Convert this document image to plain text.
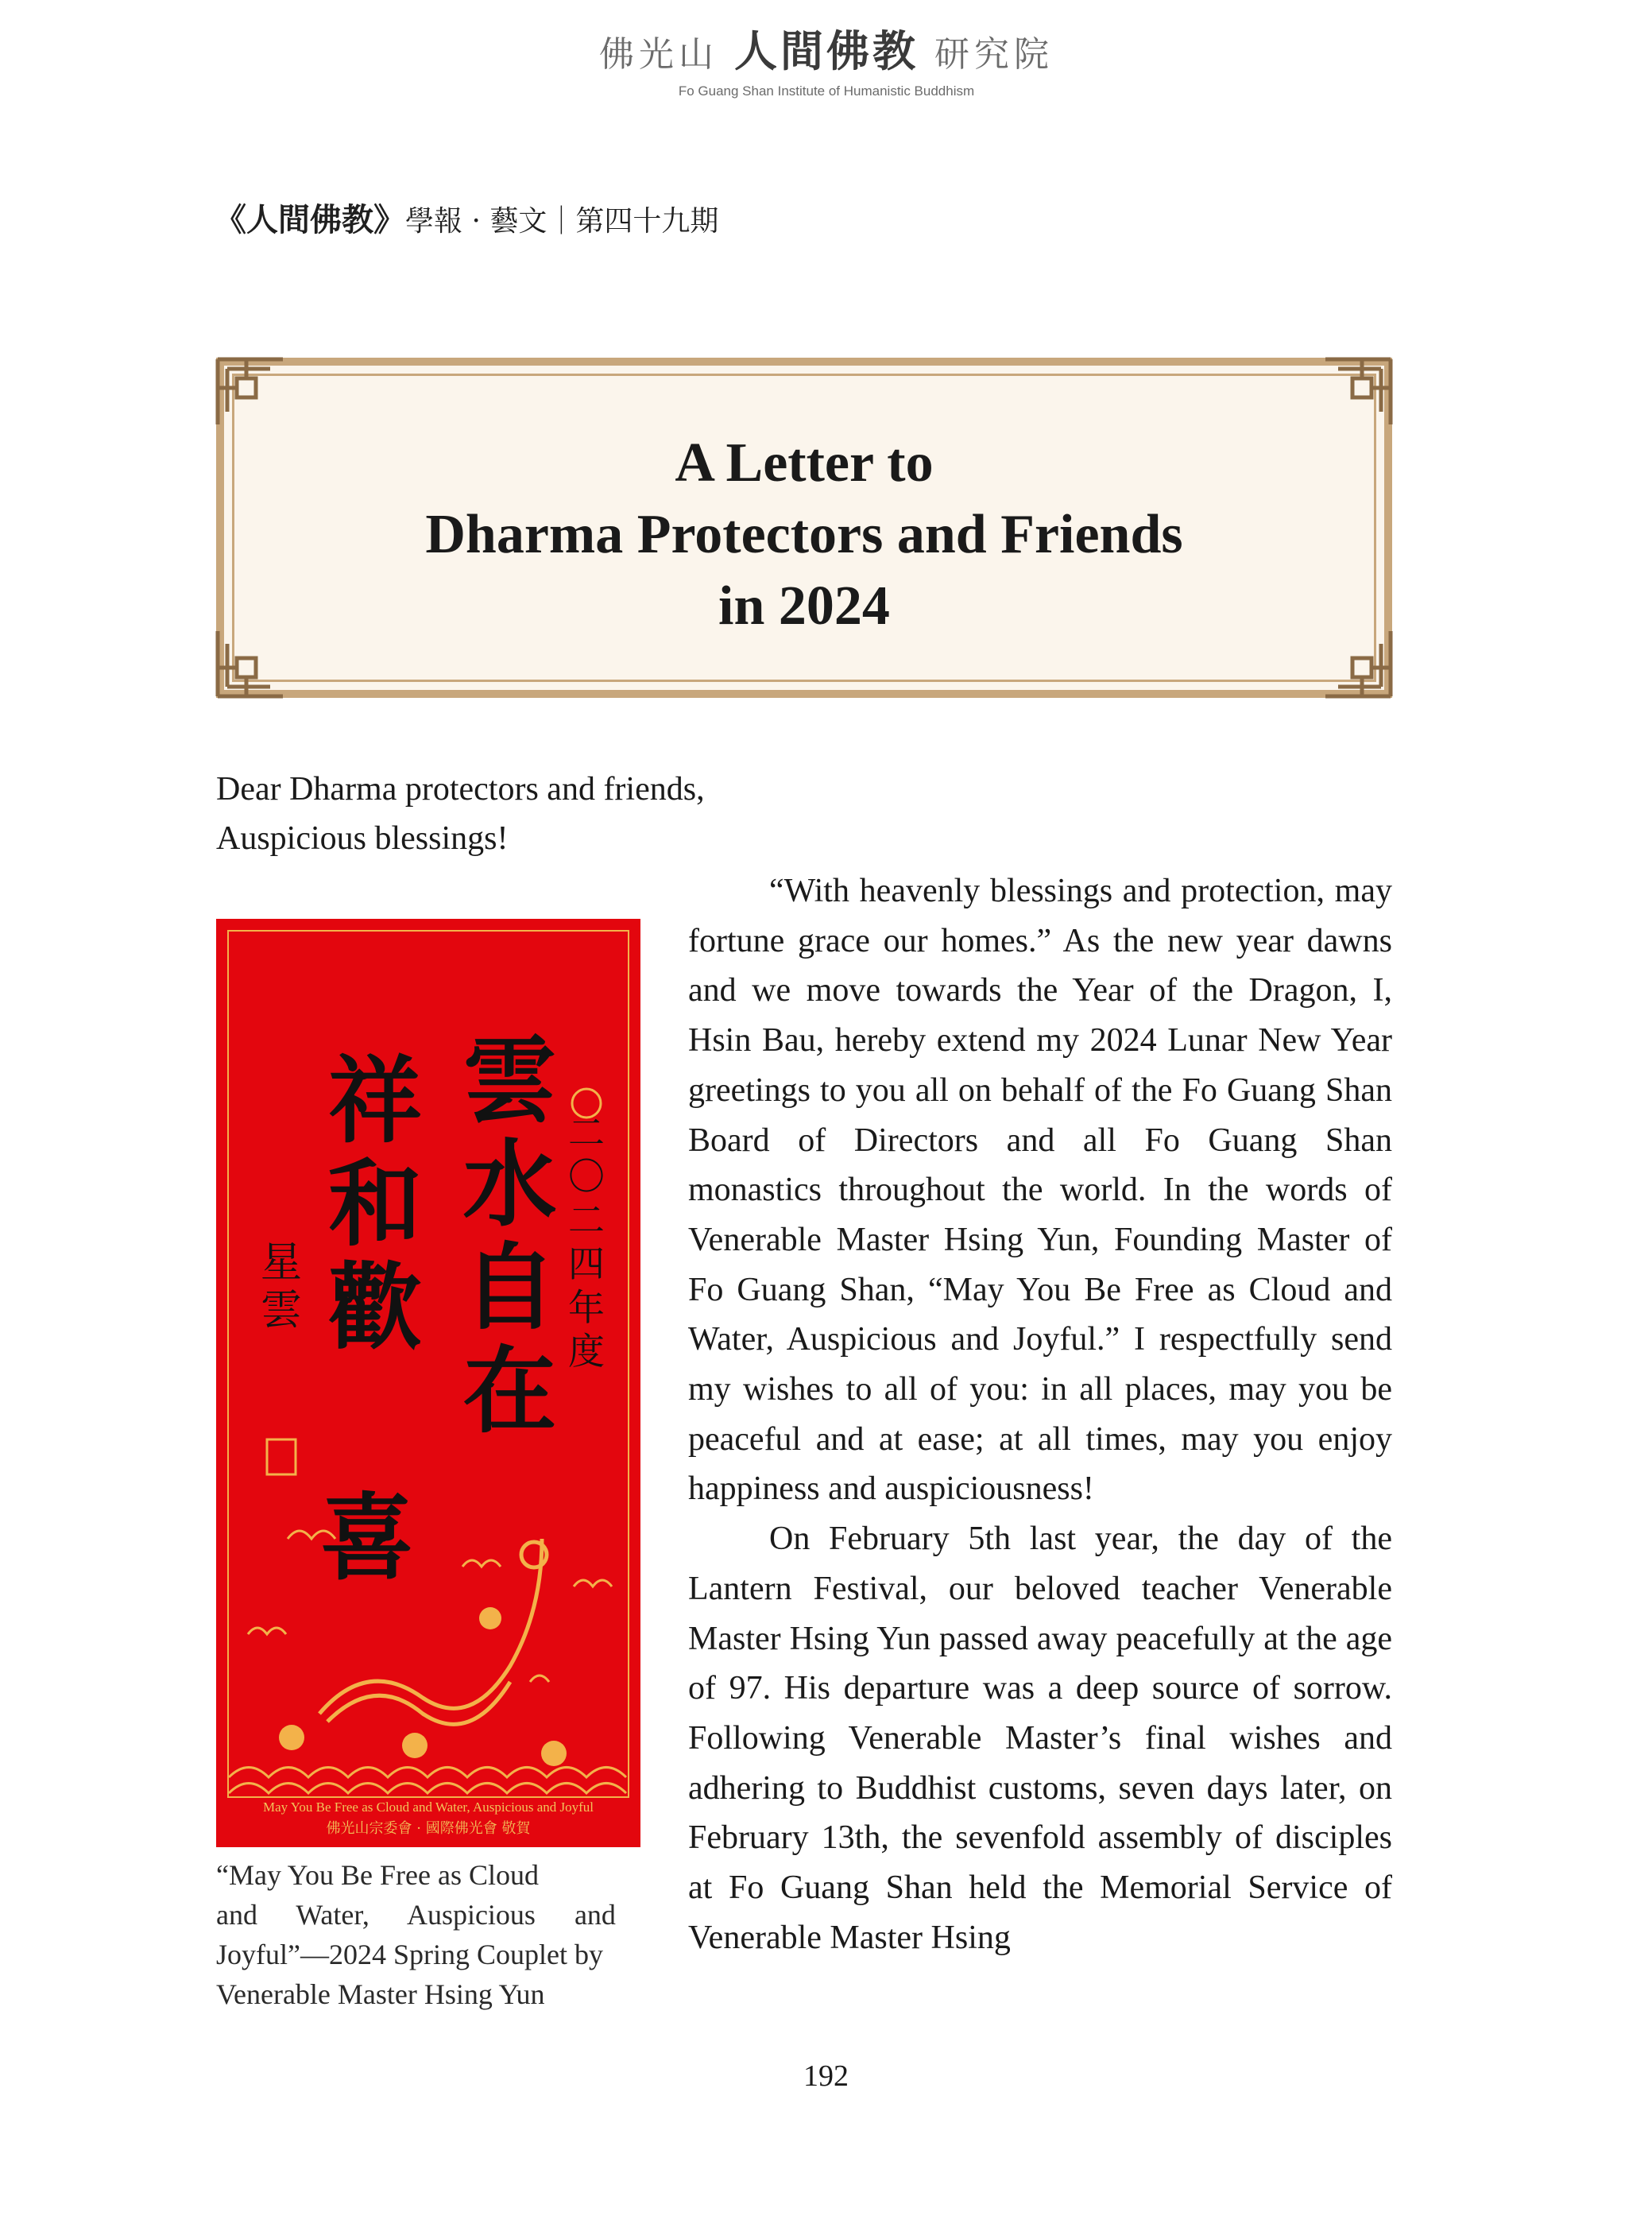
佛光山 人間佛教 研究院
Fo Guang Shan Institute of Humanistic Buddhism
《人間佛教》學報 · 藝文｜第四十九期
A Letter to
Dharma Protectors and Friends
in 2024
Dear Dharma protectors and friends,
Auspicious blessings!
雲水自在
祥和歡喜
二〇二四年度
星雲
May You Be Free as Cloud and Water, Auspicious and Joyful
佛光山宗委會 · 國際佛光會 敬賀
“May You Be Free as Cloud
and Water, Auspicious and
Joyful”—2024 Spring Couplet by
Venerable Master Hsing Yun

“With heavenly blessings and protection, may fortune grace our homes.” As the new year dawns and we move towards the Year of the Dragon, I, Hsin Bau, hereby extend my 2024 Lunar New Year greetings to you all on behalf of the Fo Guang Shan Board of Directors and all Fo Guang Shan monastics throughout the world. In the words of Venerable Master Hsing Yun, Founding Master of Fo Guang Shan, “May You Be Free as Cloud and Water, Auspicious and Joyful.” I respectfully send my wishes to all of you: in all places, may you be peaceful and at ease; at all times, may you enjoy happiness and auspiciousness!

On February 5th last year, the day of the Lantern Festival, our beloved teacher Venerable Master Hsing Yun passed away peacefully at the age of 97. His departure was a deep source of sorrow. Following Venerable Master’s final wishes and adhering to Buddhist customs, seven days later, on February 13th, the sevenfold assembly of disciples at Fo Guang Shan held the Memorial Service of Venerable Master Hsing

192
